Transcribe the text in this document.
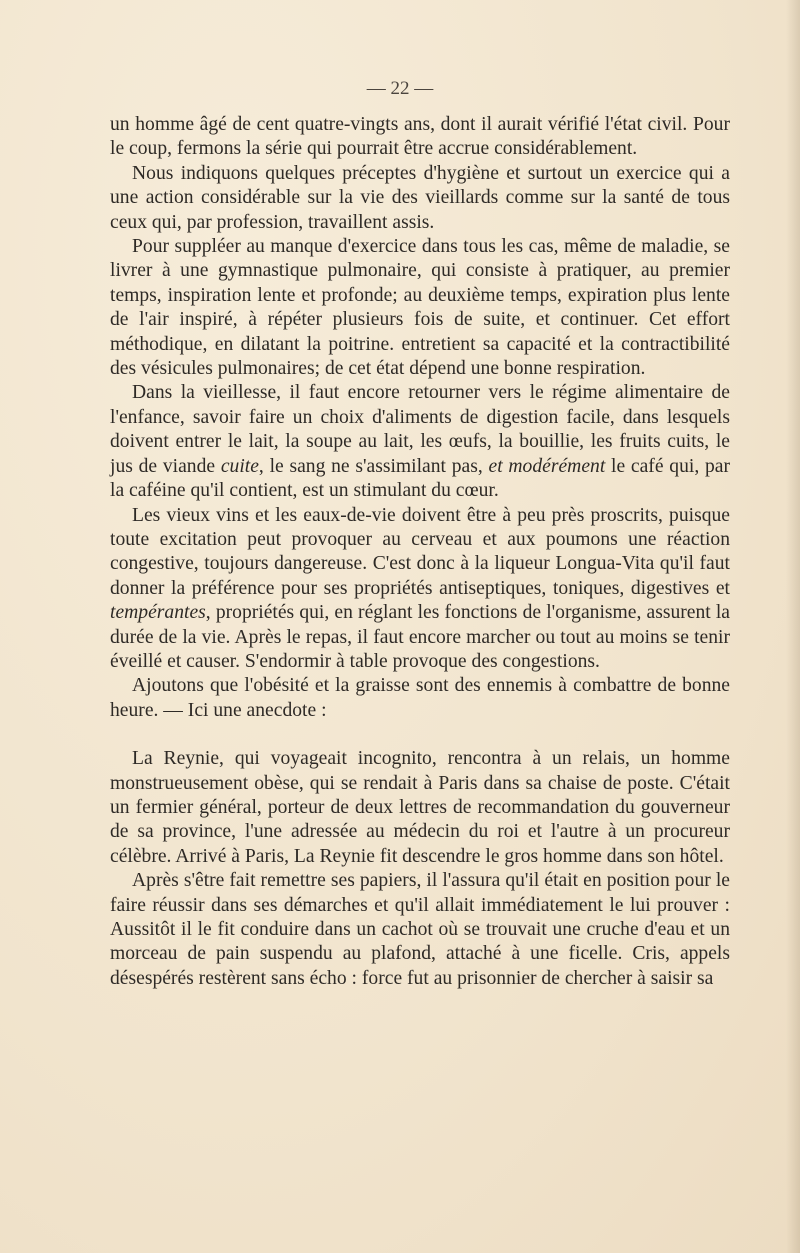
— 22 —

un homme âgé de cent quatre-vingts ans, dont il aurait vérifié l'état civil. Pour le coup, fermons la série qui pourrait être accrue considérablement.

Nous indiquons quelques préceptes d'hygiène et surtout un exercice qui a une action considérable sur la vie des vieillards comme sur la santé de tous ceux qui, par profession, travaillent assis.

Pour suppléer au manque d'exercice dans tous les cas, même de maladie, se livrer à une gymnastique pulmonaire, qui consiste à pratiquer, au premier temps, inspiration lente et profonde; au deuxième temps, expiration plus lente de l'air inspiré, à répéter plusieurs fois de suite, et continuer. Cet effort méthodique, en dilatant la poitrine. entretient sa capacité et la contractibilité des vésicules pulmonaires; de cet état dépend une bonne respiration.

Dans la vieillesse, il faut encore retourner vers le régime alimentaire de l'enfance, savoir faire un choix d'aliments de digestion facile, dans lesquels doivent entrer le lait, la soupe au lait, les œufs, la bouillie, les fruits cuits, le jus de viande cuite, le sang ne s'assimilant pas, et modérément le café qui, par la caféine qu'il contient, est un stimulant du cœur.

Les vieux vins et les eaux-de-vie doivent être à peu près proscrits, puisque toute excitation peut provoquer au cerveau et aux poumons une réaction congestive, toujours dangereuse. C'est donc à la liqueur Longua-Vita qu'il faut donner la préférence pour ses propriétés antiseptiques, toniques, digestives et tempérantes, propriétés qui, en réglant les fonctions de l'organisme, assurent la durée de la vie. Après le repas, il faut encore marcher ou tout au moins se tenir éveillé et causer. S'endormir à table provoque des congestions.

Ajoutons que l'obésité et la graisse sont des ennemis à combattre de bonne heure. — Ici une anecdote :

La Reynie, qui voyageait incognito, rencontra à un relais, un homme monstrueusement obèse, qui se rendait à Paris dans sa chaise de poste. C'était un fermier général, porteur de deux lettres de recommandation du gouverneur de sa province, l'une adressée au médecin du roi et l'autre à un procureur célèbre. Arrivé à Paris, La Reynie fit descendre le gros homme dans son hôtel.

Après s'être fait remettre ses papiers, il l'assura qu'il était en position pour le faire réussir dans ses démarches et qu'il allait immédiatement le lui prouver : Aussitôt il le fit conduire dans un cachot où se trouvait une cruche d'eau et un morceau de pain suspendu au plafond, attaché à une ficelle. Cris, appels désespérés restèrent sans écho : force fut au prisonnier de chercher à saisir sa
